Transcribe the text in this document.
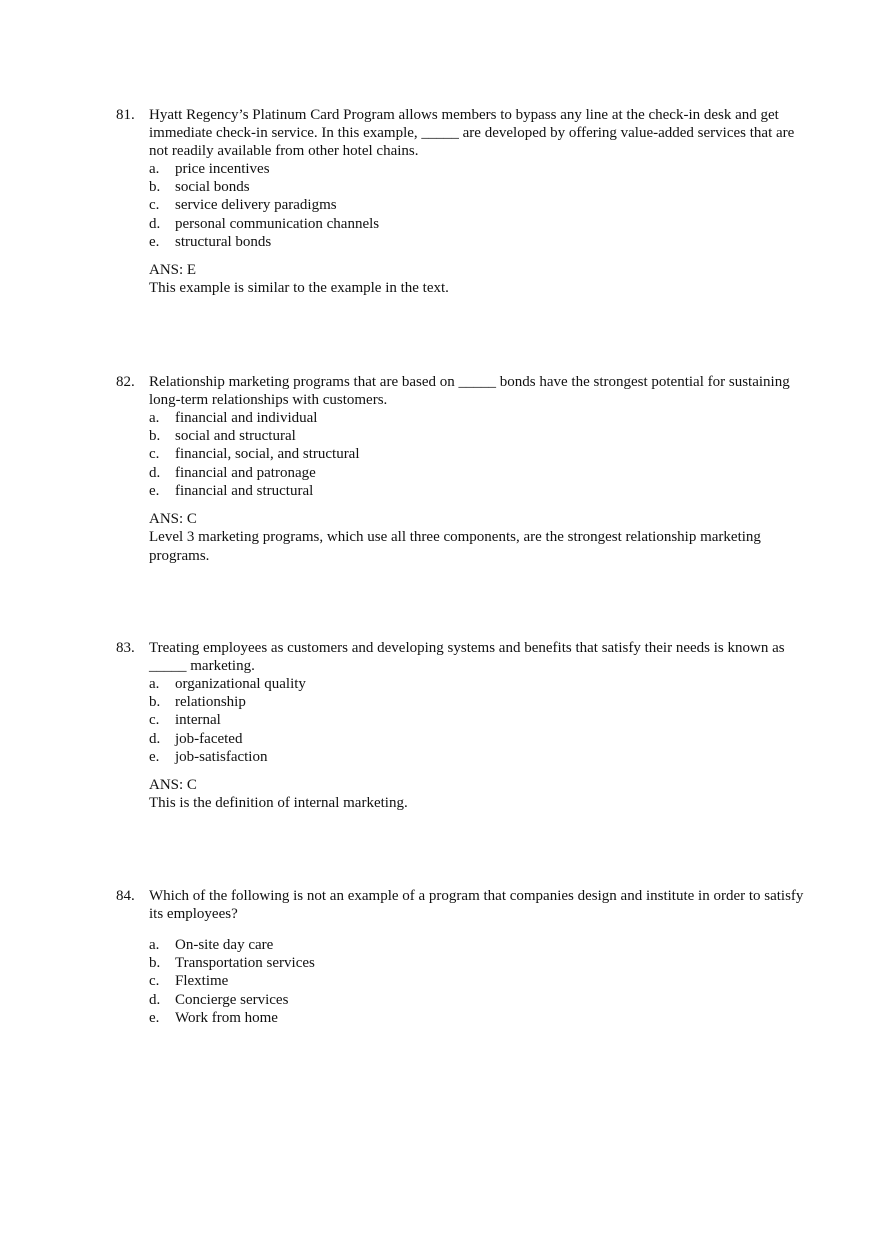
81. Hyatt Regency’s Platinum Card Program allows members to bypass any line at the check-in desk and get immediate check-in service. In this example, _____ are developed by offering value-added services that are not readily available from other hotel chains.
a.	price incentives
b. social bonds
c.	service delivery paradigms
d. personal communication channels
e.	structural bonds
ANS: E
This example is similar to the example in the text.
82. Relationship marketing programs that are based on _____ bonds have the strongest potential for sustaining long-term relationships with customers.
a.	financial and individual
b. social and structural
c.	financial, social, and structural
d. financial and patronage
e.	financial and structural
ANS: C
Level 3 marketing programs, which use all three components, are the strongest relationship marketing programs.
83. Treating employees as customers and developing systems and benefits that satisfy their needs is known as _____ marketing.
a.	organizational quality
b. relationship
c.	internal
d. job-faceted
e.	job-satisfaction
ANS: C
This is the definition of internal marketing.
84. Which of the following is not an example of a program that companies design and institute in order to satisfy its employees?
a.	On-site day care
b. Transportation services
c.	Flextime
d. Concierge services
e.	Work from home
